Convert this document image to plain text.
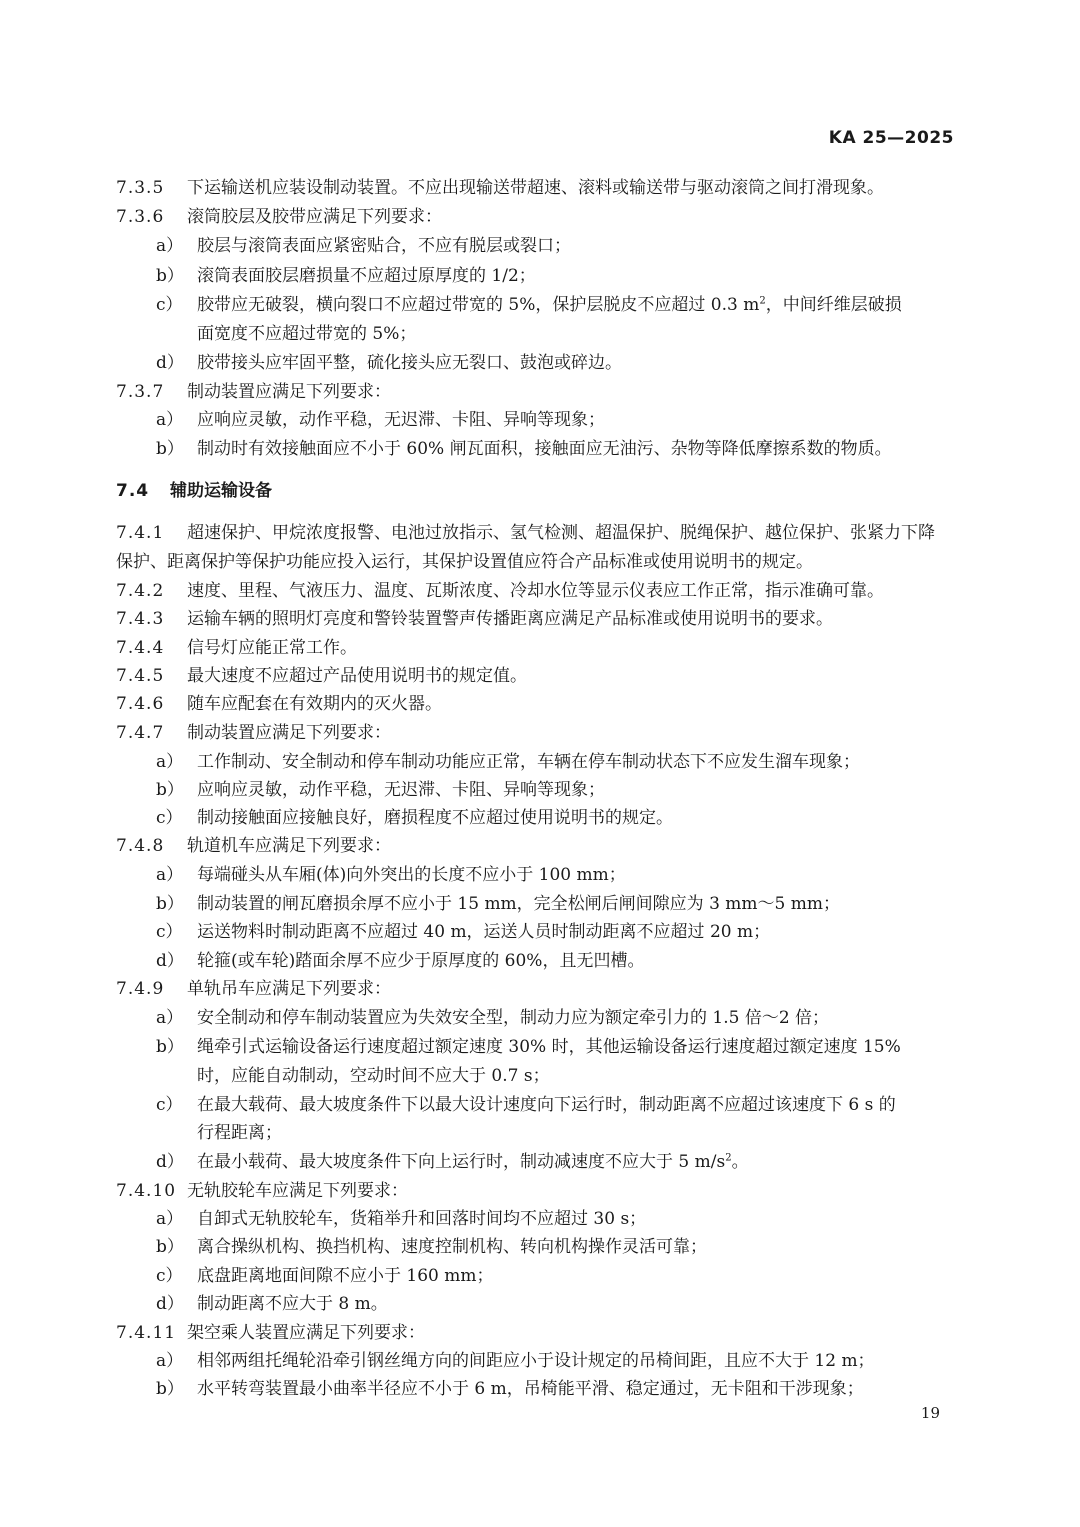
KA 25—2025
7.3.5 下运输送机应装设制动装置。不应出现输送带超速、滚料或输送带与驱动滚筒之间打滑现象。
7.3.6 滚筒胶层及胶带应满足下列要求：
a） 胶层与滚筒表面应紧密贴合，不应有脱层或裂口；
b） 滚筒表面胶层磨损量不应超过原厚度的 1/2；
c） 胶带应无破裂，横向裂口不应超过带宽的 5%，保护层脱皮不应超过 0.3 $m^2$，中间纤维层破损
面宽度不应超过带宽的 5%；
d） 胶带接头应牢固平整，硫化接头应无裂口、鼓泡或碎边。
7.3.7 制动装置应满足下列要求：
a） 应响应灵敏，动作平稳，无迟滞、卡阻、异响等现象；
b） 制动时有效接触面应不小于 60% 闸瓦面积，接触面应无油污、杂物等降低摩擦系数的物质。
7.4 辅助运输设备
7.4.1 超速保护、甲烷浓度报警、电池过放指示、氢气检测、超温保护、脱绳保护、越位保护、张紧力下降
保护、距离保护等保护功能应投入运行，其保护设置值应符合产品标准或使用说明书的规定。
7.4.2 速度、里程、气液压力、温度、瓦斯浓度、冷却水位等显示仪表应工作正常，指示准确可靠。
7.4.3 运输车辆的照明灯亮度和警铃装置警声传播距离应满足产品标准或使用说明书的要求。
7.4.4 信号灯应能正常工作。
7.4.5 最大速度不应超过产品使用说明书的规定值。
7.4.6 随车应配套在有效期内的灭火器。
7.4.7 制动装置应满足下列要求：
a） 工作制动、安全制动和停车制动功能应正常，车辆在停车制动状态下不应发生溜车现象；
b） 应响应灵敏，动作平稳，无迟滞、卡阻、异响等现象；
c） 制动接触面应接触良好，磨损程度不应超过使用说明书的规定。
7.4.8 轨道机车应满足下列要求：
a） 每端碰头从车厢(体)向外突出的长度不应小于 100 mm；
b） 制动装置的闸瓦磨损余厚不应小于 15 mm，完全松闸后闸间隙应为 3 mm～5 mm；
c） 运送物料时制动距离不应超过 40 m，运送人员时制动距离不应超过 20 m；
d） 轮箍(或车轮)踏面余厚不应少于原厚度的 60%，且无凹槽。
7.4.9 单轨吊车应满足下列要求：
a） 安全制动和停车制动装置应为失效安全型，制动力应为额定牵引力的 1.5 倍～2 倍；
b） 绳牵引式运输设备运行速度超过额定速度 30% 时，其他运输设备运行速度超过额定速度 15%
时，应能自动制动，空动时间不应大于 0.7 s；
c） 在最大载荷、最大坡度条件下以最大设计速度向下运行时，制动距离不应超过该速度下 6 s 的
行程距离；
d） 在最小载荷、最大坡度条件下向上运行时，制动减速度不应大于 5 $m/s^2$。
7.4.10 无轨胶轮车应满足下列要求：
a） 自卸式无轨胶轮车，货箱举升和回落时间均不应超过 30 s；
b） 离合操纵机构、换挡机构、速度控制机构、转向机构操作灵活可靠；
c） 底盘距离地面间隙不应小于 160 mm；
d） 制动距离不应大于 8 m。
7.4.11 架空乘人装置应满足下列要求：
a） 相邻两组托绳轮沿牵引钢丝绳方向的间距应小于设计规定的吊椅间距，且应不大于 12 m；
b） 水平转弯装置最小曲率半径应不小于 6 m，吊椅能平滑、稳定通过，无卡阻和干涉现象；
19
